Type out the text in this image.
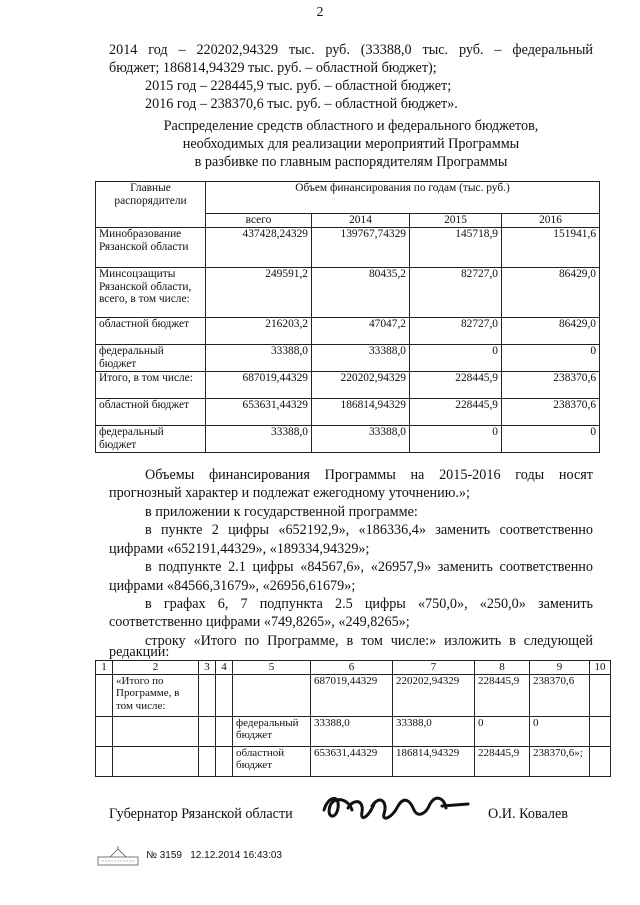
2
2014 год – 220202,94329 тыс. руб. (33388,0 тыс. руб. – федеральный
бюджет; 186814,94329 тыс. руб. – областной бюджет);
2015 год – 228445,9 тыс. руб. – областной бюджет;
2016 год – 238370,6 тыс. руб. – областной бюджет».
Распределение средств областного и федерального бюджетов,
необходимых для реализации мероприятий Программы
в разбивке по главным распорядителям Программы
Главные распорядители	Объем финансирования по годам (тыс. руб.)			
	всего	2014	2015	2016
Минобразование Рязанской области	437428,24329	139767,74329	145718,9	151941,6
Минсоцзащиты Рязанской области, всего, в том числе:	249591,2	80435,2	82727,0	86429,0
областной бюджет	216203,2	47047,2	82727,0	86429,0
федеральный бюджет	33388,0	33388,0	0	0
Итого, в том числе:	687019,44329	220202,94329	228445,9	238370,6
областной бюджет	653631,44329	186814,94329	228445,9	238370,6
федеральный бюджет	33388,0	33388,0	0	0
Объемы финансирования Программы на 2015-2016 годы носят
прогнозный характер и подлежат ежегодному уточнению.»;
в приложении к государственной программе:
в пункте 2 цифры «652192,9», «186336,4» заменить соответственно
цифрами «652191,44329», «189334,94329»;
в подпункте 2.1 цифры «84567,6», «26957,9» заменить соответственно
цифрами «84566,31679», «26956,61679»;
в графах 6, 7 подпункта 2.5 цифры «750,0», «250,0» заменить
соответственно цифрами «749,8265», «249,8265»;
строку «Итого по Программе, в том числе:» изложить в следующей
редакции:
1	2	3	4	5	6	7	8	9	10
	«Итого по Программе, в том числе:				687019,44329	220202,94329	228445,9	238370,6	
				федеральный бюджет	33388,0	33388,0	0	0	
				областной бюджет	653631,44329	186814,94329	228445,9	238370,6»;	
Губернатор Рязанской области	О.И. Ковалев
№ 3159 12.12.2014 16:43:03
